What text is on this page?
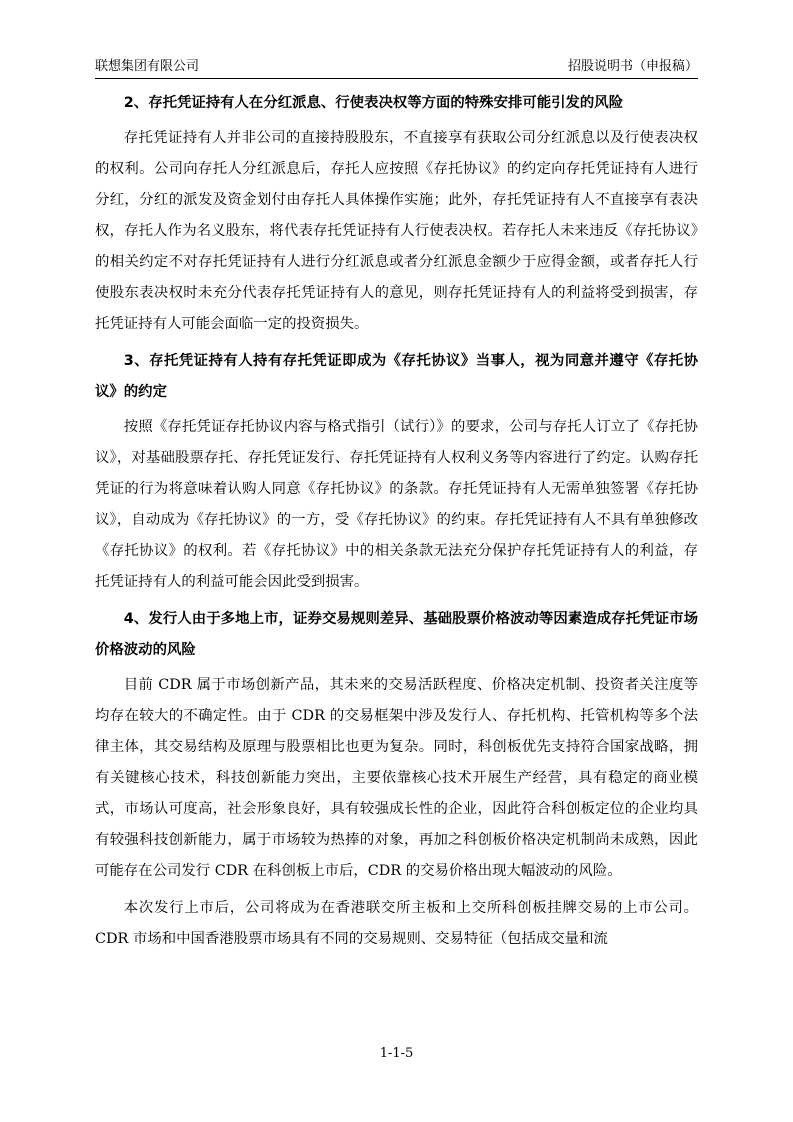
联想集团有限公司	招股说明书（申报稿）
2、存托凭证持有人在分红派息、行使表决权等方面的特殊安排可能引发的风险

存托凭证持有人并非公司的直接持股股东，不直接享有获取公司分红派息以及行使表决权的权利。公司向存托人分红派息后，存托人应按照《存托协议》的约定向存托凭证持有人进行分红，分红的派发及资金划付由存托人具体操作实施；此外，存托凭证持有人不直接享有表决权，存托人作为名义股东，将代表存托凭证持有人行使表决权。若存托人未来违反《存托协议》的相关约定不对存托凭证持有人进行分红派息或者分红派息金额少于应得金额，或者存托人行使股东表决权时未充分代表存托凭证持有人的意见，则存托凭证持有人的利益将受到损害，存托凭证持有人可能会面临一定的投资损失。

3、存托凭证持有人持有存托凭证即成为《存托协议》当事人，视为同意并遵守《存托协议》的约定

按照《存托凭证存托协议内容与格式指引（试行）》的要求，公司与存托人订立了《存托协议》，对基础股票存托、存托凭证发行、存托凭证持有人权利义务等内容进行了约定。认购存托凭证的行为将意味着认购人同意《存托协议》的条款。存托凭证持有人无需单独签署《存托协议》，自动成为《存托协议》的一方，受《存托协议》的约束。存托凭证持有人不具有单独修改《存托协议》的权利。若《存托协议》中的相关条款无法充分保护存托凭证持有人的利益，存托凭证持有人的利益可能会因此受到损害。

4、发行人由于多地上市，证券交易规则差异、基础股票价格波动等因素造成存托凭证市场价格波动的风险

目前 CDR 属于市场创新产品，其未来的交易活跃程度、价格决定机制、投资者关注度等均存在较大的不确定性。由于 CDR 的交易框架中涉及发行人、存托机构、托管机构等多个法律主体，其交易结构及原理与股票相比也更为复杂。同时，科创板优先支持符合国家战略，拥有关键核心技术，科技创新能力突出，主要依靠核心技术开展生产经营，具有稳定的商业模式，市场认可度高，社会形象良好，具有较强成长性的企业，因此符合科创板定位的企业均具有较强科技创新能力，属于市场较为热捧的对象，再加之科创板价格决定机制尚未成熟，因此可能存在公司发行 CDR 在科创板上市后，CDR 的交易价格出现大幅波动的风险。

本次发行上市后，公司将成为在香港联交所主板和上交所科创板挂牌交易的上市公司。CDR 市场和中国香港股票市场具有不同的交易规则、交易特征（包括成交量和流

1-1-5
